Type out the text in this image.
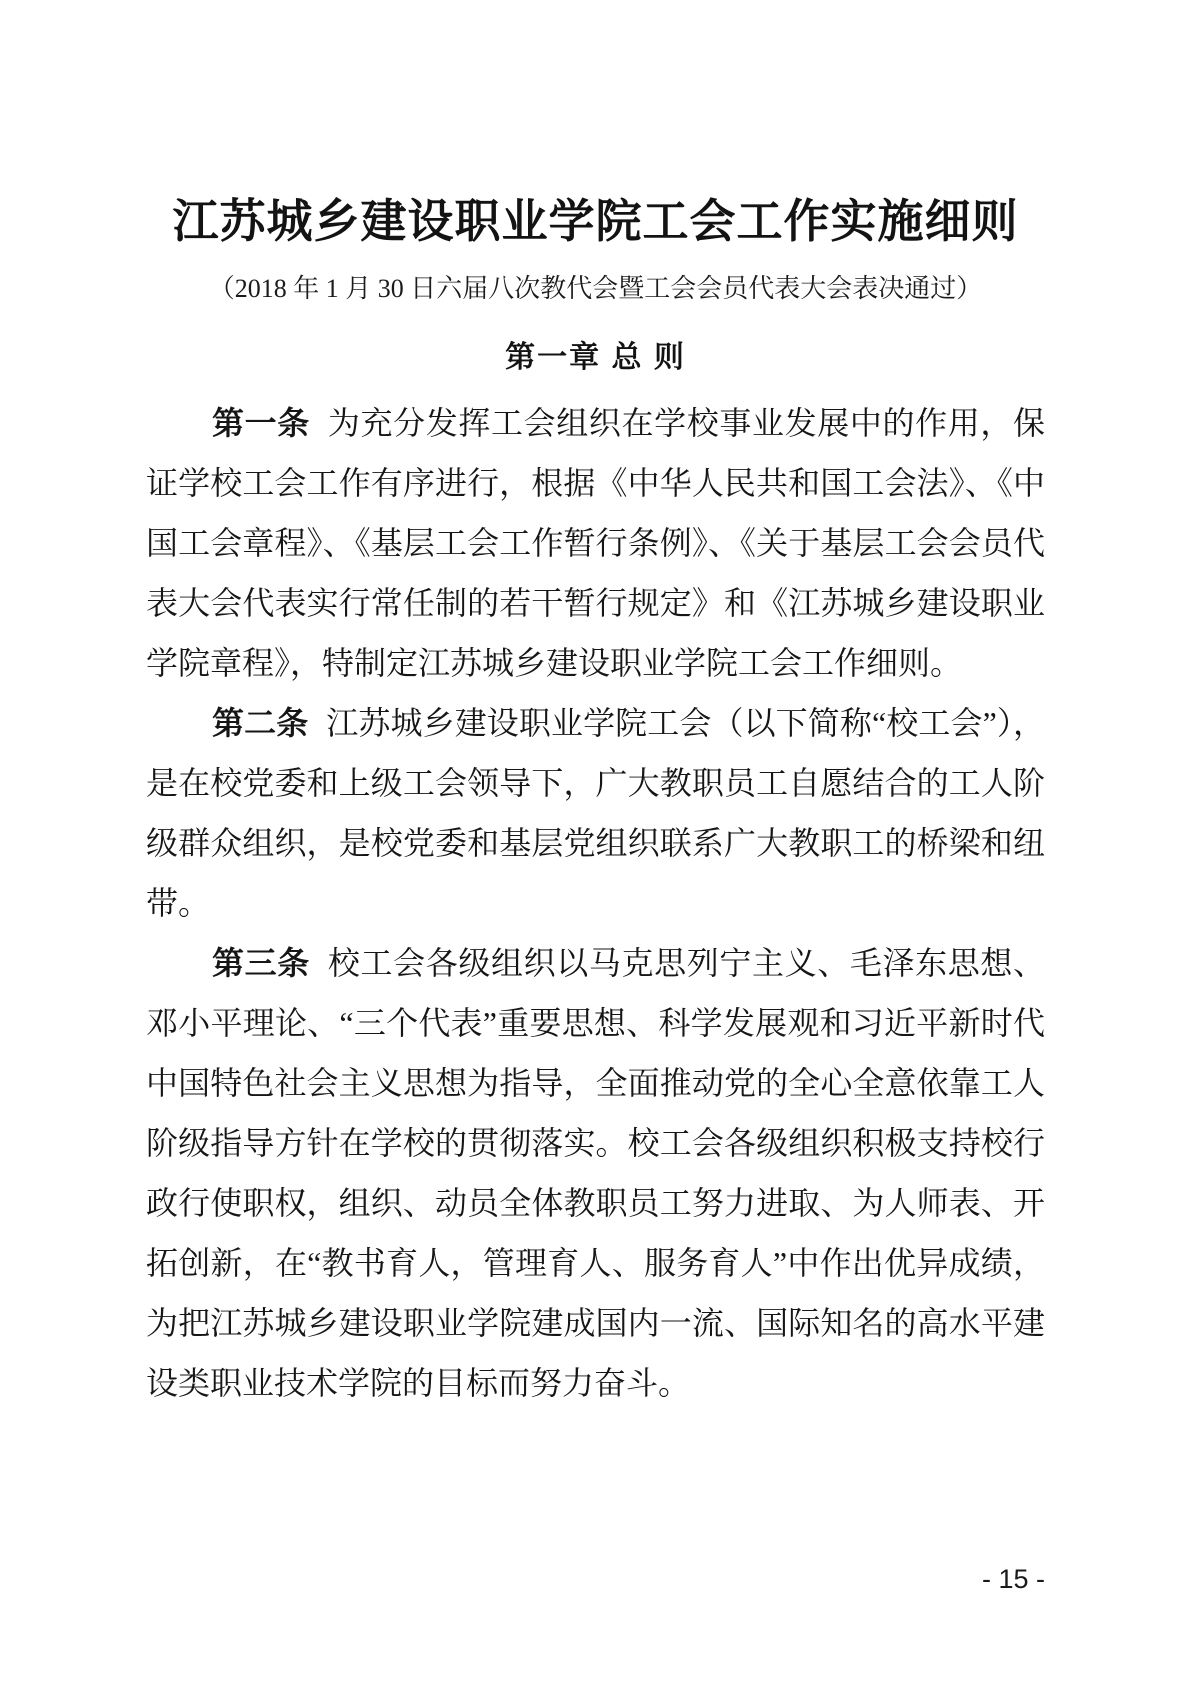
江苏城乡建设职业学院工会工作实施细则
（2018 年 1 月 30 日六届八次教代会暨工会会员代表大会表决通过）
第一章 总 则

第一条 为充分发挥工会组织在学校事业发展中的作用，保证学校工会工作有序进行，根据《中华人民共和国工会法》、《中国工会章程》、《基层工会工作暂行条例》、《关于基层工会会员代表大会代表实行常任制的若干暂行规定》和《江苏城乡建设职业学院章程》，特制定江苏城乡建设职业学院工会工作细则。

第二条 江苏城乡建设职业学院工会（以下简称“校工会”），是在校党委和上级工会领导下，广大教职员工自愿结合的工人阶级群众组织，是校党委和基层党组织联系广大教职工的桥梁和纽带。

第三条 校工会各级组织以马克思列宁主义、毛泽东思想、邓小平理论、“三个代表”重要思想、科学发展观和习近平新时代中国特色社会主义思想为指导，全面推动党的全心全意依靠工人阶级指导方针在学校的贯彻落实。校工会各级组织积极支持校行政行使职权，组织、动员全体教职员工努力进取、为人师表、开拓创新，在“教书育人，管理育人、服务育人”中作出优异成绩，为把江苏城乡建设职业学院建成国内一流、国际知名的高水平建设类职业技术学院的目标而努力奋斗。

- 15 -
